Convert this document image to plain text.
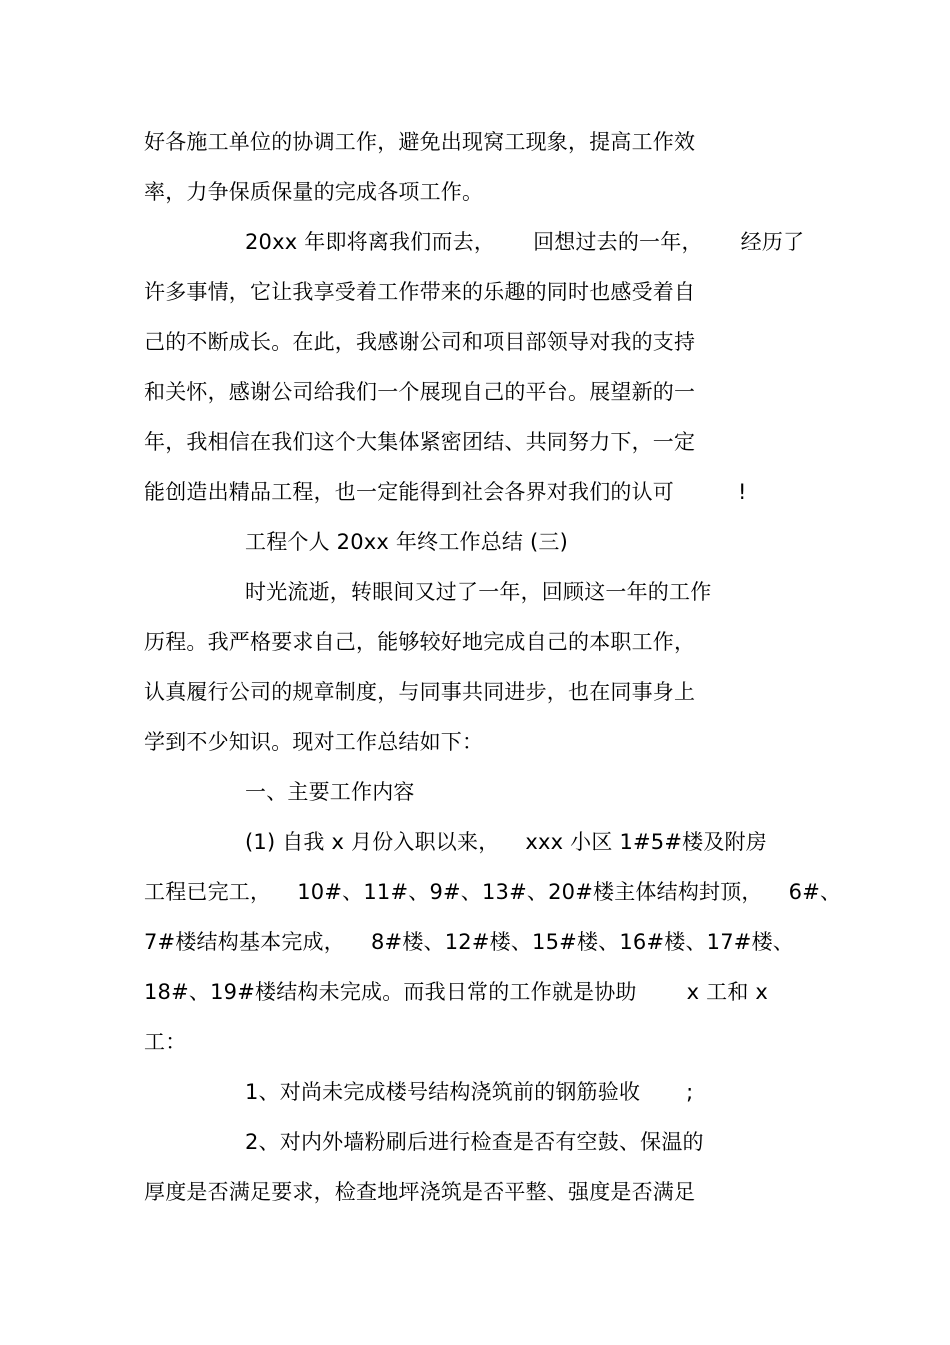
好各施工单位的协调工作，避免出现窝工现象，提高工作效
率，力争保质保量的完成各项工作。
20xx 年即将离我们而去， 回想过去的一年， 经历了
许多事情，它让我享受着工作带来的乐趣的同时也感受着自
己的不断成长。在此，我感谢公司和项目部领导对我的支持
和关怀，感谢公司给我们一个展现自己的平台。展望新的一
年，我相信在我们这个大集体紧密团结、共同努力下，一定
能创造出精品工程，也一定能得到社会各界对我们的认可	!
工程个人 20xx 年终工作总结 (三)
时光流逝，转眼间又过了一年，回顾这一年的工作
历程。我严格要求自己，能够较好地完成自己的本职工作，
认真履行公司的规章制度，与同事共同进步，也在同事身上
学到不少知识。现对工作总结如下：
一、主要工作内容
(1) 自我 x 月份入职以来， xxx 小区 1#5#楼及附房
工程已完工， 10#、11#、9#、13#、20#楼主体结构封顶， 6#、
7#楼结构基本完成， 8#楼、12#楼、15#楼、16#楼、17#楼、
18#、19#楼结构未完成。而我日常的工作就是协助 x 工和 x
工：
1、对尚未完成楼号结构浇筑前的钢筋验收 ;
2、对内外墙粉刷后进行检查是否有空鼓、保温的
厚度是否满足要求，检查地坪浇筑是否平整、强度是否满足
